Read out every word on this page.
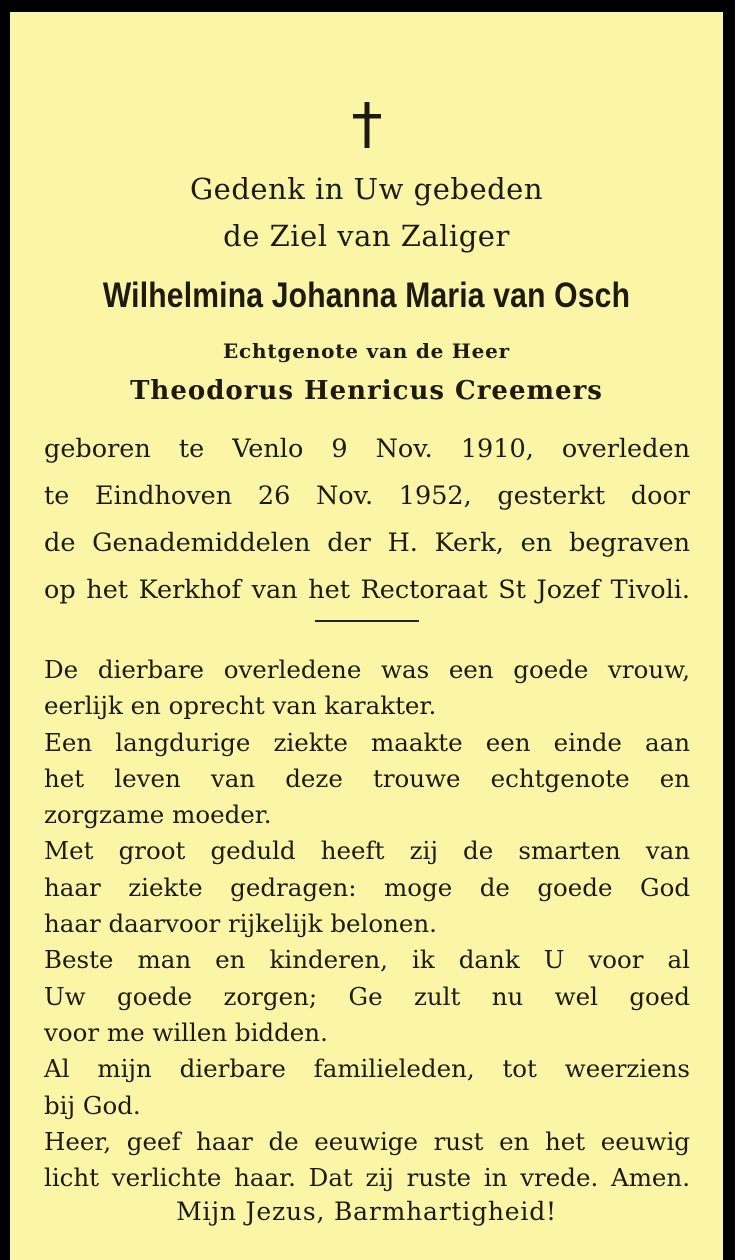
Gedenk in Uw gebeden
de Ziel van Zaliger
Wilhelmina Johanna Maria van Osch
Echtgenote van de Heer
Theodorus Henricus Creemers
geboren te Venlo 9 Nov. 1910, overleden
te Eindhoven 26 Nov. 1952, gesterkt door
de Genademiddelen der H. Kerk, en begraven
op het Kerkhof van het Rectoraat St Jozef Tivoli.
De dierbare overledene was een goede vrouw,
eerlijk en oprecht van karakter.
Een langdurige ziekte maakte een einde aan
het leven van deze trouwe echtgenote en
zorgzame moeder.
Met groot geduld heeft zij de smarten van
haar ziekte gedragen: moge de goede God
haar daarvoor rijkelijk belonen.
Beste man en kinderen, ik dank U voor al
Uw goede zorgen; Ge zult nu wel goed
voor me willen bidden.
Al mijn dierbare familieleden, tot weerziens
bij God.
Heer, geef haar de eeuwige rust en het eeuwig
licht verlichte haar. Dat zij ruste in vrede. Amen.
Mijn Jezus, Barmhartigheid!
